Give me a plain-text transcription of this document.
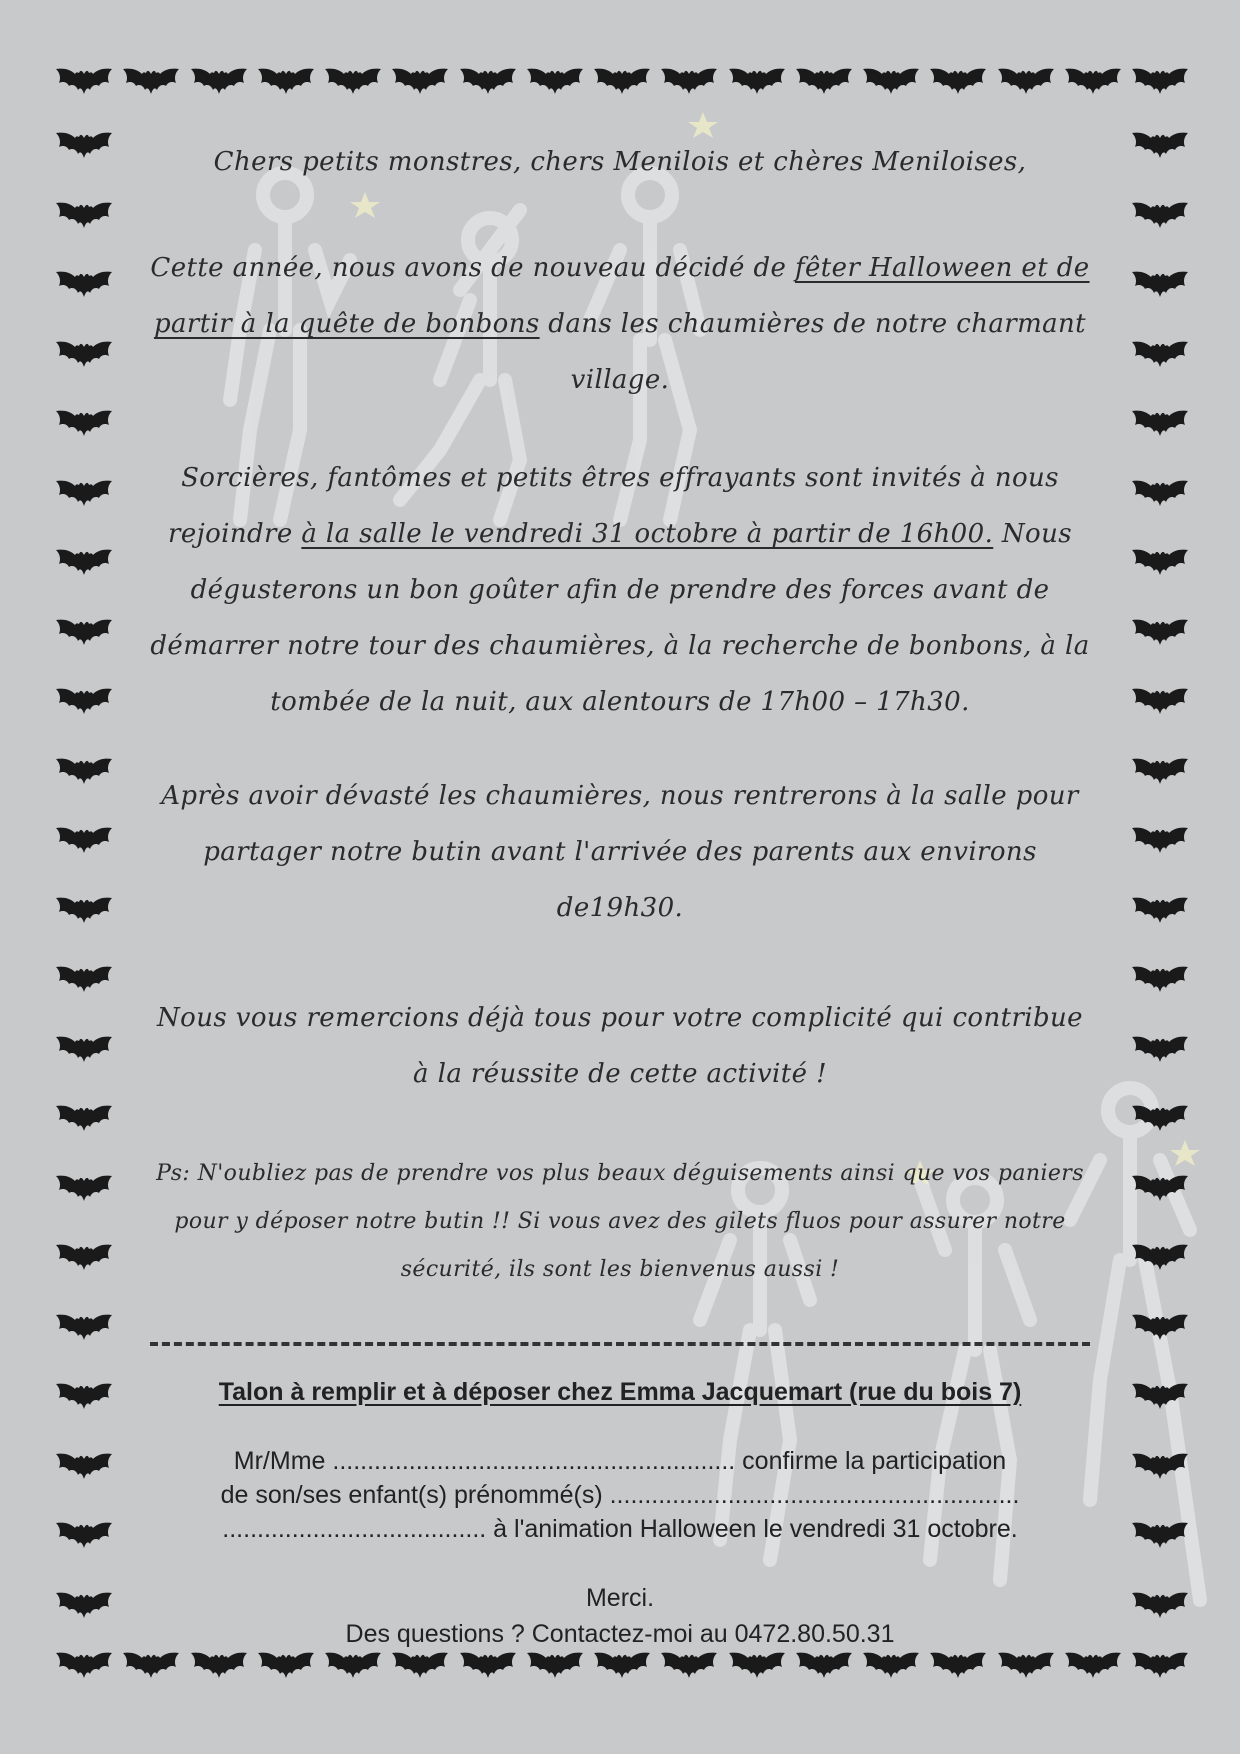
Chers petits monstres, chers Menilois et chères Meniloises,
Cette année, nous avons de nouveau décidé de fêter Halloween et de partir à la quête de bonbons dans les chaumières de notre charmant village.
Sorcières, fantômes et petits êtres effrayants sont invités à nous rejoindre à la salle le vendredi 31 octobre à partir de 16h00. Nous dégusterons un bon goûter afin de prendre des forces avant de démarrer notre tour des chaumières, à la recherche de bonbons, à la tombée de la nuit, aux alentours de 17h00 – 17h30.
Après avoir dévasté les chaumières, nous rentrerons à la salle pour partager notre butin avant l'arrivée des parents aux environs de19h30.
Nous vous remercions déjà tous pour votre complicité qui contribue à la réussite de cette activité !
Ps: N'oubliez pas de prendre vos plus beaux déguisements ainsi que vos paniers pour y déposer notre butin !! Si vous avez des gilets fluos pour assurer notre sécurité, ils sont les bienvenus aussi !
Talon à remplir et à déposer chez Emma Jacquemart (rue du bois 7)
Mr/Mme .......................................................... confirme la participation
de son/ses enfant(s) prénommé(s) ...........................................................
...................................... à l'animation Halloween le vendredi 31 octobre.
Merci.
Des questions ? Contactez-moi au 0472.80.50.31
